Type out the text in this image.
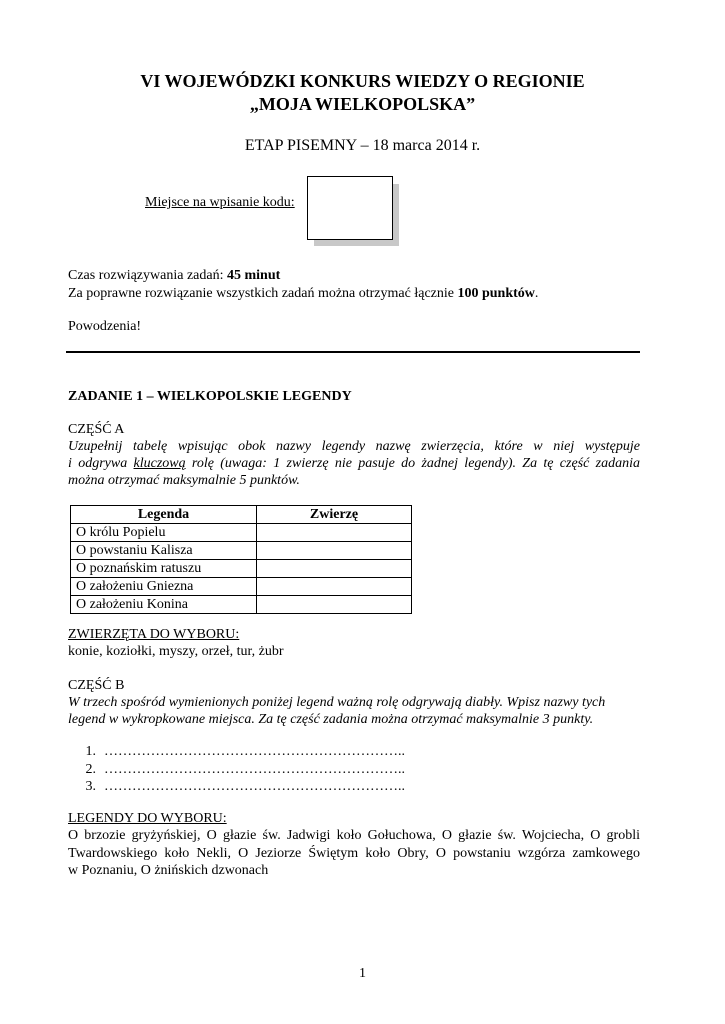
VI WOJEWÓDZKI KONKURS WIEDZY O REGIONIE
„MOJA WIELKOPOLSKA”
ETAP PISEMNY – 18 marca 2014 r.
Miejsce na wpisanie kodu:
Czas rozwiązywania zadań: 45 minut
Za poprawne rozwiązanie wszystkich zadań można otrzymać łącznie 100 punktów.
Powodzenia!
ZADANIE 1 – WIELKOPOLSKIE LEGENDY
CZĘŚĆ A
Uzupełnij tabelę wpisując obok nazwy legendy nazwę zwierzęcia, które w niej występuje
i odgrywa kluczową rolę (uwaga: 1 zwierzę nie pasuje do żadnej legendy). Za tę część zadania
można otrzymać maksymalnie 5 punktów.
Legenda	Zwierzę
O królu Popielu	
O powstaniu Kalisza	
O poznańskim ratuszu	
O założeniu Gniezna	
O założeniu Konina	
ZWIERZĘTA DO WYBORU:
konie, koziołki, myszy, orzeł, tur, żubr
CZĘŚĆ B
W trzech spośród wymienionych poniżej legend ważną rolę odgrywają diabły. Wpisz nazwy tych
legend w wykropkowane miejsca. Za tę część zadania można otrzymać maksymalnie 3 punkty.
1. ………………………………………………………..
2. ………………………………………………………..
3. ………………………………………………………..
LEGENDY DO WYBORU:
O brzozie gryżyńskiej, O głazie św. Jadwigi koło Gołuchowa, O głazie św. Wojciecha, O grobli
Twardowskiego koło Nekli, O Jeziorze Świętym koło Obry, O powstaniu wzgórza zamkowego
w Poznaniu, O żnińskich dzwonach
1
